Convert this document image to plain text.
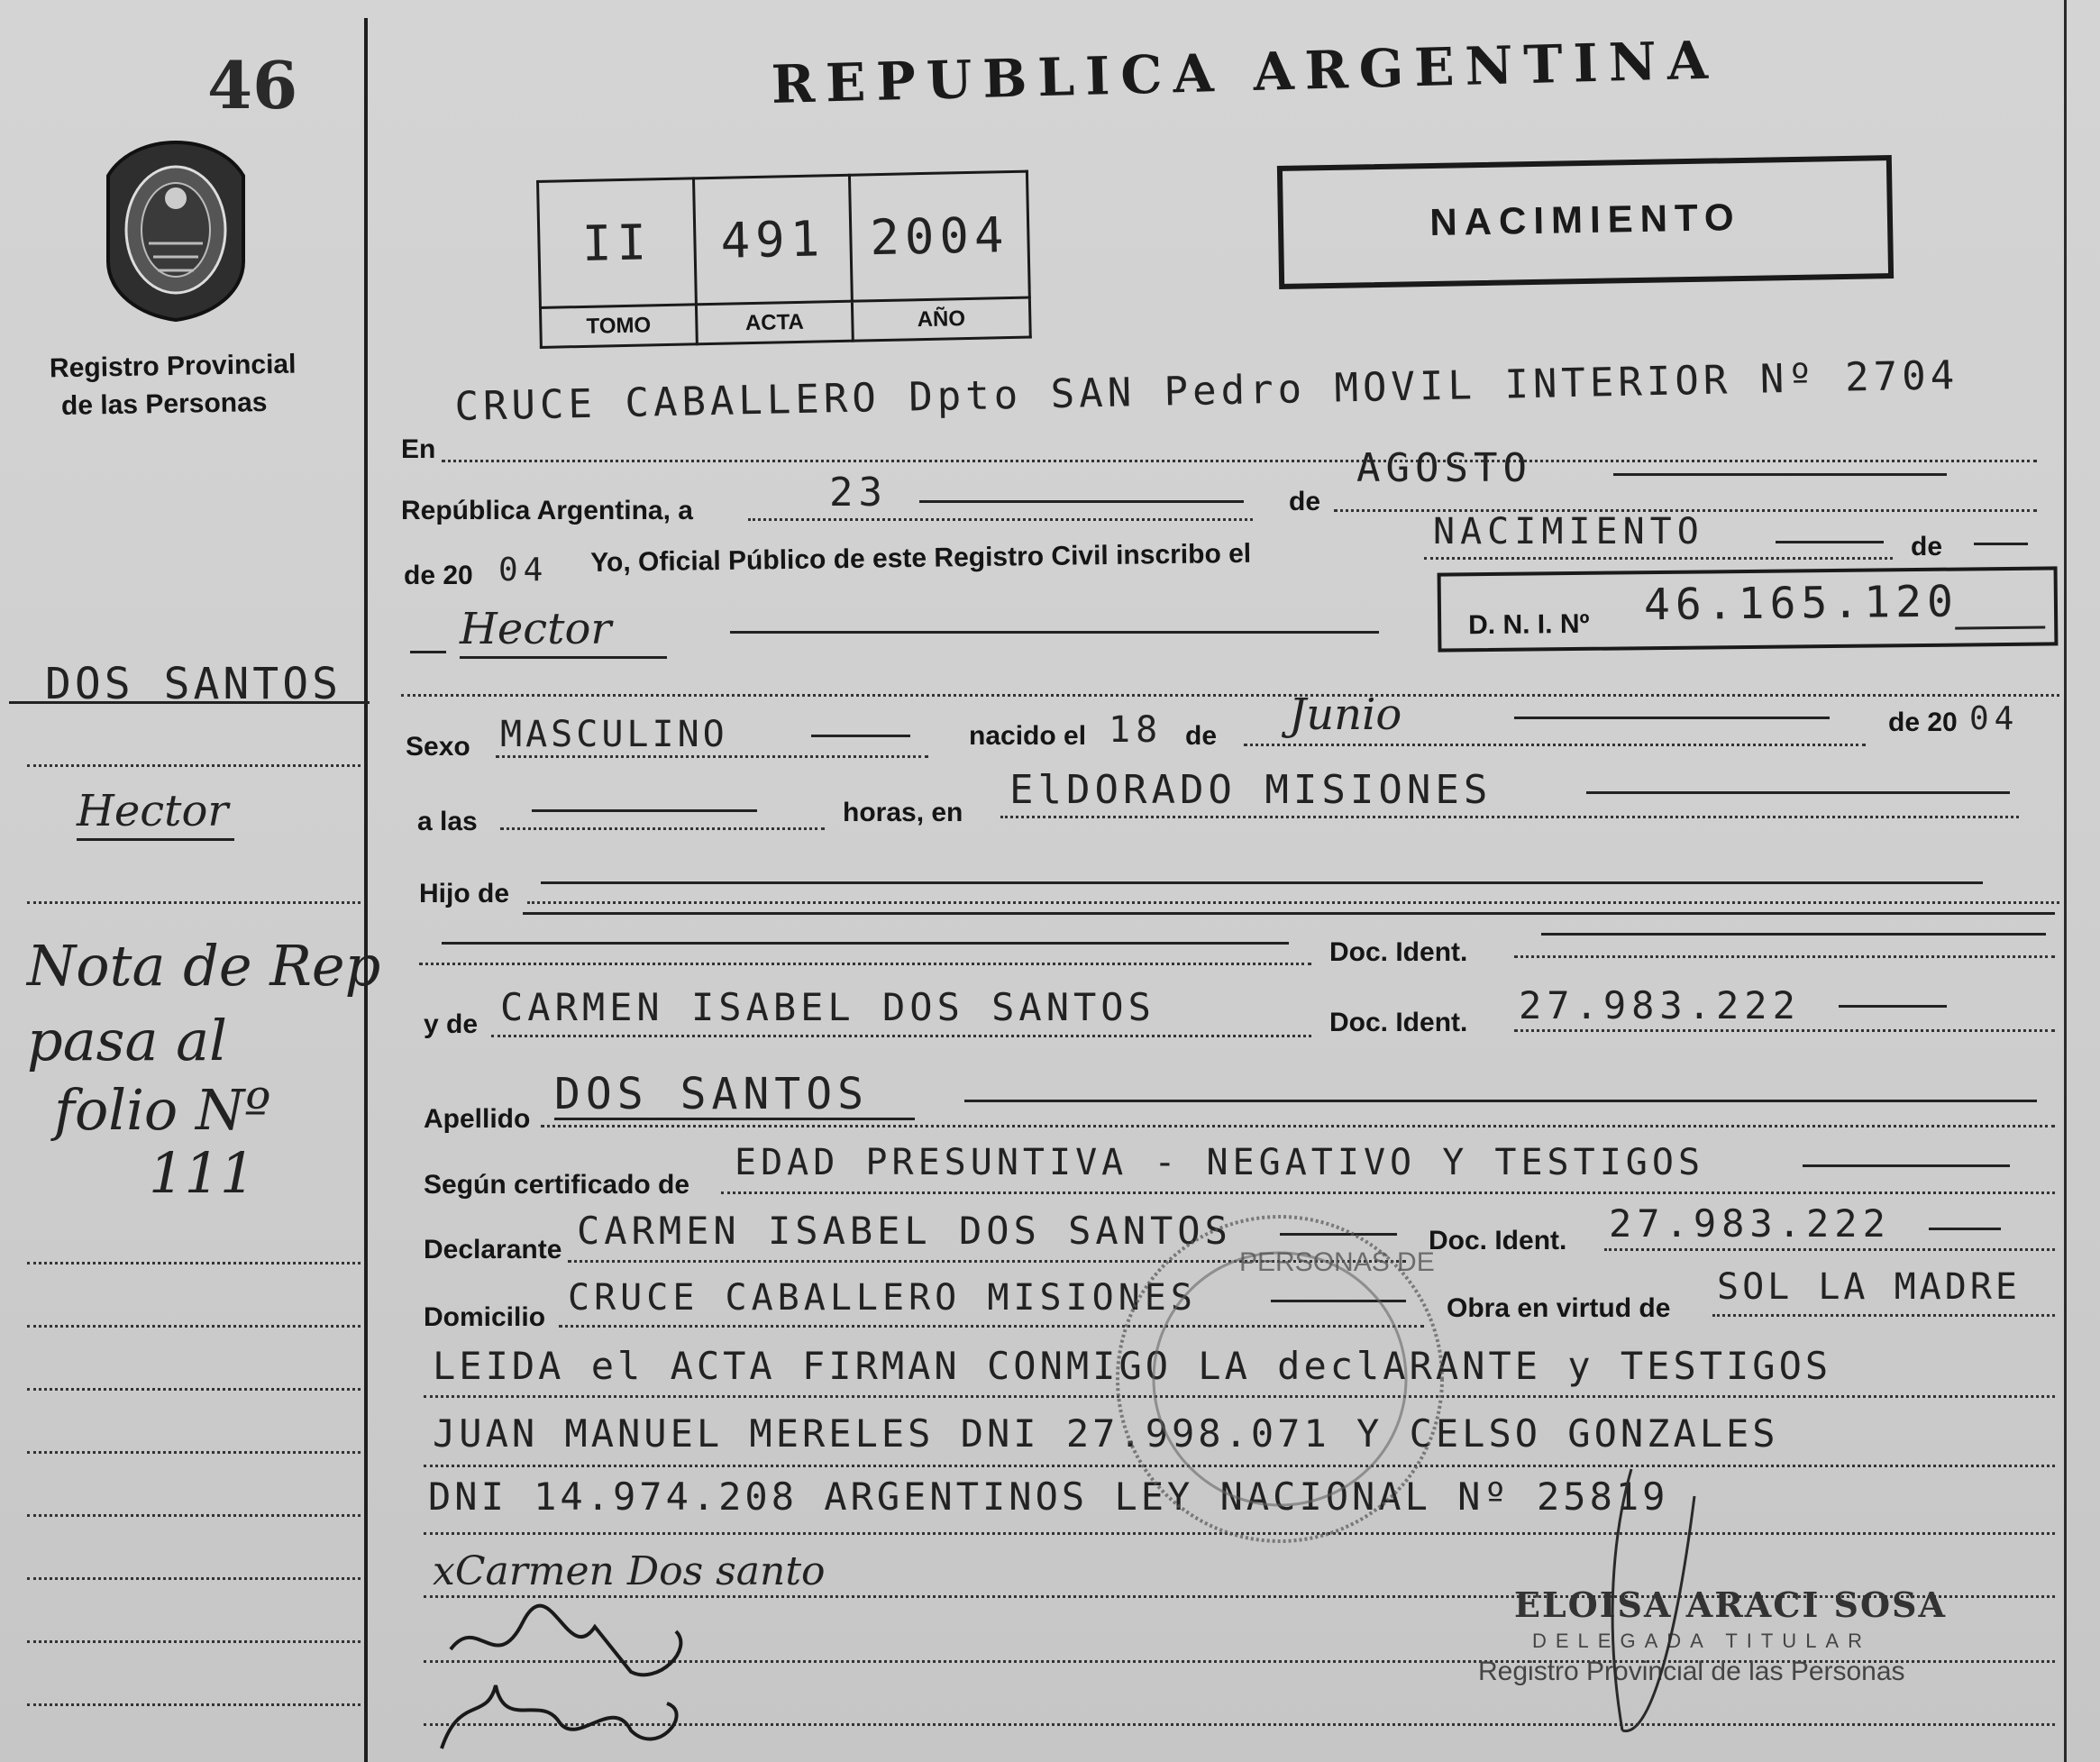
46
Registro Provincial
de las Personas
REPUBLICA ARGENTINA
NACIMIENTO
II	491	2004
TOMO	ACTA	AÑO
DOS SANTOS
Hector
Nota de Rep
pasa al
folio Nº
111
En
CRUCE CABALLERO Dpto SAN Pedro MOVIL INTERIOR Nº 2704
República Argentina, a	23	de
AGOSTO
de 20 04 Yo, Oficial Público de este Registro Civil inscribo el
NACIMIENTO	de
D. N. I. Nº 46.165.120
Hector
Sexo MASCULINO	nacido el 18 de Junio	de 20 04
a las	horas, en ElDORADO MISIONES
Hijo de
Doc. Ident.
y de CARMEN ISABEL DOS SANTOS	Doc. Ident. 27.983.222
Apellido DOS SANTOS
Según certificado de
EDAD PRESUNTIVA - NEGATIVO Y TESTIGOS
Declarante CARMEN ISABEL DOS SANTOS	Doc. Ident. 27.983.222
Domicilio CRUCE CABALLERO MISIONES	Obra en virtud de
SOL LA MADRE
LEIDA el ACTA FIRMAN CONMIGO LA declARANTE y TESTIGOS
JUAN MANUEL MERELES DNI 27.998.071 Y CELSO GONZALES
DNI 14.974.208 ARGENTINOS LEY NACIONAL Nº 25819
xCarmen Dos santo
ELOISA ARACI SOSA
DELEGADA TITULAR
Registro Provincial de las Personas
PERSONAS DE
